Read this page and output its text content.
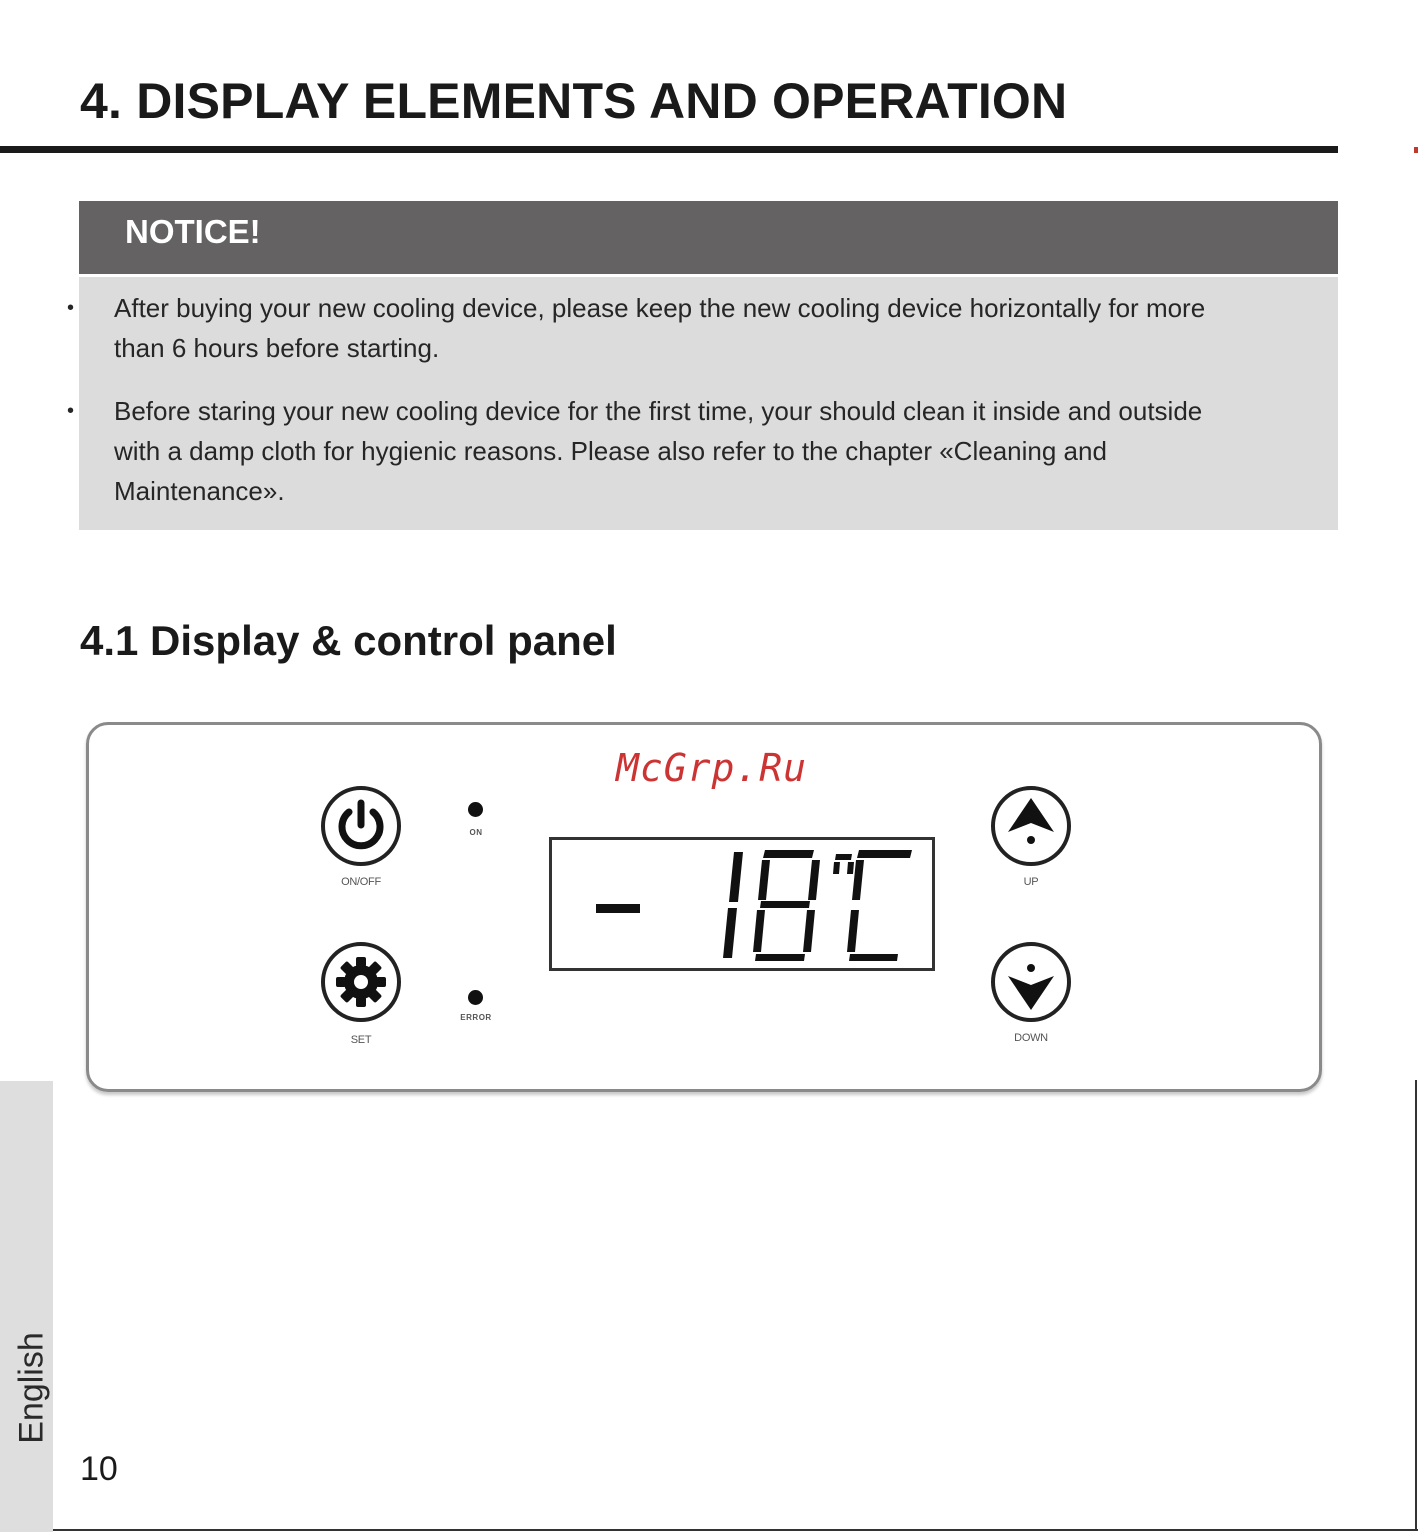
4. DISPLAY ELEMENTS AND OPERATION
NOTICE!
• After buying your new cooling device, please keep the new cooling device horizontally for more than 6 hours before starting.
• Before staring your new cooling device for the first time, your should clean it inside and outside with a damp cloth for hygienic reasons. Please also refer to the chapter «Cleaning and Maintenance».
4.1 Display & control panel
McGrp.Ru
ON/OFF
SET
ON
ERROR
UP
DOWN
English
10
